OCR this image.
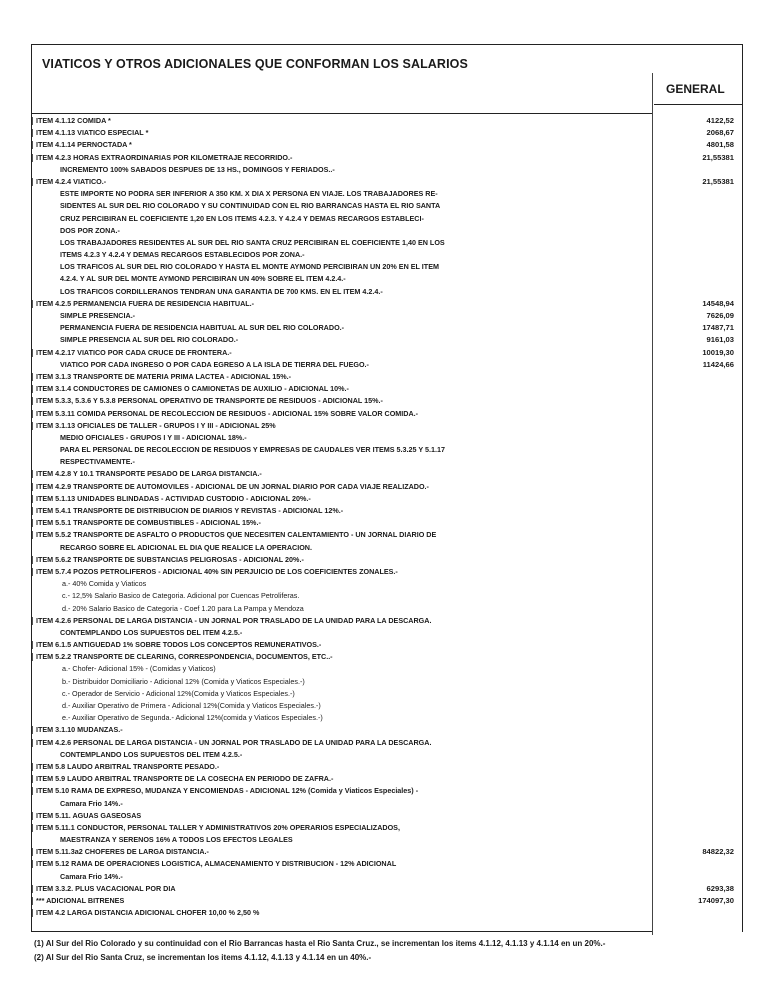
VIATICOS Y OTROS ADICIONALES QUE CONFORMAN LOS SALARIOS
GENERAL
ITEM 4.1.12 COMIDA *	4122,52
ITEM 4.1.13 VIATICO ESPECIAL *	2068,67
ITEM 4.1.14 PERNOCTADA *	4801,58
ITEM 4.2.3 HORAS EXTRAORDINARIAS POR KILOMETRAJE RECORRIDO.-	21,55381
INCREMENTO 100% SABADOS DESPUES DE 13 HS., DOMINGOS Y FERIADOS..-
ITEM 4.2.4 VIATICO.-	21,55381
ESTE IMPORTE NO PODRA SER INFERIOR A 350 KM. X DIA X PERSONA EN VIAJE. LOS TRABAJADORES RE-
SIDENTES AL SUR DEL RIO COLORADO Y SU CONTINUIDAD CON EL RIO BARRANCAS HASTA EL RIO SANTA
CRUZ PERCIBIRAN EL COEFICIENTE 1,20 EN LOS ITEMS 4.2.3. Y 4.2.4 Y DEMAS RECARGOS ESTABLECI-
DOS POR ZONA.-
LOS TRABAJADORES RESIDENTES AL SUR DEL RIO SANTA CRUZ PERCIBIRAN EL COEFICIENTE 1,40 EN LOS
ITEMS 4.2.3 Y 4.2.4 Y DEMAS RECARGOS ESTABLECIDOS POR ZONA.-
LOS TRAFICOS AL SUR DEL RIO COLORADO Y HASTA EL MONTE AYMOND PERCIBIRAN UN 20% EN EL ITEM
4.2.4. Y AL SUR DEL MONTE AYMOND PERCIBIRAN UN 40% SOBRE EL ITEM 4.2.4.-
LOS TRAFICOS CORDILLERANOS TENDRAN UNA GARANTIA DE 700 KMS. EN EL ITEM 4.2.4.-
ITEM 4.2.5 PERMANENCIA FUERA DE RESIDENCIA HABITUAL.-	14548,94
SIMPLE PRESENCIA.-	7626,09
PERMANENCIA FUERA DE RESIDENCIA HABITUAL AL SUR DEL RIO COLORADO.-	17487,71
SIMPLE PRESENCIA AL SUR DEL RIO COLORADO.-	9161,03
ITEM 4.2.17 VIATICO POR CADA CRUCE DE FRONTERA.-	10019,30
VIATICO POR CADA INGRESO O POR CADA EGRESO A LA ISLA DE TIERRA DEL FUEGO.-	11424,66
ITEM 3.1.3 TRANSPORTE DE MATERIA PRIMA LACTEA - ADICIONAL 15%.-
ITEM 3.1.4 CONDUCTORES DE CAMIONES O CAMIONETAS DE AUXILIO - ADICIONAL 10%.-
ITEM 5.3.3, 5.3.6 Y 5.3.8 PERSONAL OPERATIVO DE TRANSPORTE DE RESIDUOS - ADICIONAL 15%.-
ITEM 5.3.11 COMIDA PERSONAL DE RECOLECCION DE RESIDUOS - ADICIONAL 15% SOBRE VALOR COMIDA.-
ITEM 3.1.13 OFICIALES DE TALLER - GRUPOS I Y III - ADICIONAL 25%
MEDIO OFICIALES - GRUPOS I Y III - ADICIONAL 18%.-
PARA EL PERSONAL DE RECOLECCION DE RESIDUOS Y EMPRESAS DE CAUDALES VER ITEMS 5.3.25 Y 5.1.17
RESPECTIVAMENTE.-
ITEM 4.2.8 Y 10.1 TRANSPORTE PESADO DE LARGA DISTANCIA.-
ITEM 4.2.9 TRANSPORTE DE AUTOMOVILES - ADICIONAL DE UN JORNAL DIARIO POR CADA VIAJE REALIZADO.-
ITEM 5.1.13 UNIDADES BLINDADAS - ACTIVIDAD CUSTODIO - ADICIONAL 20%.-
ITEM 5.4.1 TRANSPORTE DE DISTRIBUCION DE DIARIOS Y REVISTAS - ADICIONAL 12%.-
ITEM 5.5.1 TRANSPORTE DE COMBUSTIBLES - ADICIONAL 15%.-
ITEM 5.5.2 TRANSPORTE DE ASFALTO O PRODUCTOS QUE NECESITEN CALENTAMIENTO - UN JORNAL DIARIO DE
RECARGO SOBRE EL ADICIONAL EL DIA QUE REALICE LA OPERACION.
ITEM 5.6.2 TRANSPORTE DE SUBSTANCIAS PELIGROSAS - ADICIONAL 20%.-
ITEM 5.7.4 POZOS PETROLIFEROS - ADICIONAL 40% SIN PERJUICIO DE LOS COEFICIENTES ZONALES.-
a.- 40% Comida y Viaticos
c.- 12,5% Salario Basico de Categoria. Adicional por Cuencas Petroliferas.
d.- 20% Salario Basico de Categoria - Coef 1.20 para La Pampa y Mendoza
ITEM 4.2.6 PERSONAL DE LARGA DISTANCIA - UN JORNAL POR TRASLADO DE LA UNIDAD PARA LA DESCARGA.
CONTEMPLANDO LOS SUPUESTOS DEL ITEM 4.2.5.-
ITEM 6.1.5 ANTIGUEDAD 1% SOBRE TODOS LOS CONCEPTOS REMUNERATIVOS.-
ITEM 5.2.2 TRANSPORTE DE CLEARING, CORRESPONDENCIA, DOCUMENTOS, ETC..-
a.- Chofer- Adicional 15% - (Comidas y Viaticos)
b.- Distribuidor Domiciliario - Adicional 12% (Comida y Viaticos Especiales.-)
c.- Operador de Servicio - Adicional 12%(Comida y Viaticos Especiales.-)
d.- Auxiliar Operativo de Primera - Adicional 12%(Comida y Viaticos Especiales.-)
e.- Auxiliar Operativo de Segunda.- Adicional 12%(comida y Viaticos Especiales.-)
ITEM 3.1.10 MUDANZAS.-
ITEM 4.2.6 PERSONAL DE LARGA DISTANCIA - UN JORNAL POR TRASLADO DE LA UNIDAD PARA LA DESCARGA.
CONTEMPLANDO LOS SUPUESTOS DEL ITEM 4.2.5.-
ITEM 5.8 LAUDO ARBITRAL TRANSPORTE PESADO.-
ITEM 5.9 LAUDO ARBITRAL TRANSPORTE DE LA COSECHA EN PERIODO DE ZAFRA.-
ITEM 5.10 RAMA DE EXPRESO, MUDANZA Y ENCOMIENDAS - ADICIONAL 12% (Comida y Viaticos Especiales) -
Camara Frio 14%.-
ITEM 5.11. AGUAS GASEOSAS
ITEM 5.11.1 CONDUCTOR, PERSONAL TALLER Y ADMINISTRATIVOS 20% OPERARIOS ESPECIALIZADOS,
MAESTRANZA Y SERENOS 16% A TODOS LOS EFECTOS LEGALES
ITEM 5.11.3a2 CHOFERES DE LARGA DISTANCIA.-	84822,32
ITEM 5.12 RAMA DE OPERACIONES LOGISTICA, ALMACENAMIENTO Y DISTRIBUCION - 12% ADICIONAL
Camara Frio 14%.-
ITEM 3.3.2. PLUS VACACIONAL POR DIA	6293,38
*** ADICIONAL BITRENES	174097,30
ITEM 4.2 LARGA DISTANCIA ADICIONAL CHOFER 10,00 % 2,50 %
(1) Al Sur del Rio Colorado y su continuidad con el Rio Barrancas hasta el Rio Santa Cruz., se incrementan los items 4.1.12, 4.1.13 y 4.1.14 en un 20%.-
(2) Al Sur del Rio Santa Cruz, se incrementan los items 4.1.12, 4.1.13 y 4.1.14 en un 40%.-
